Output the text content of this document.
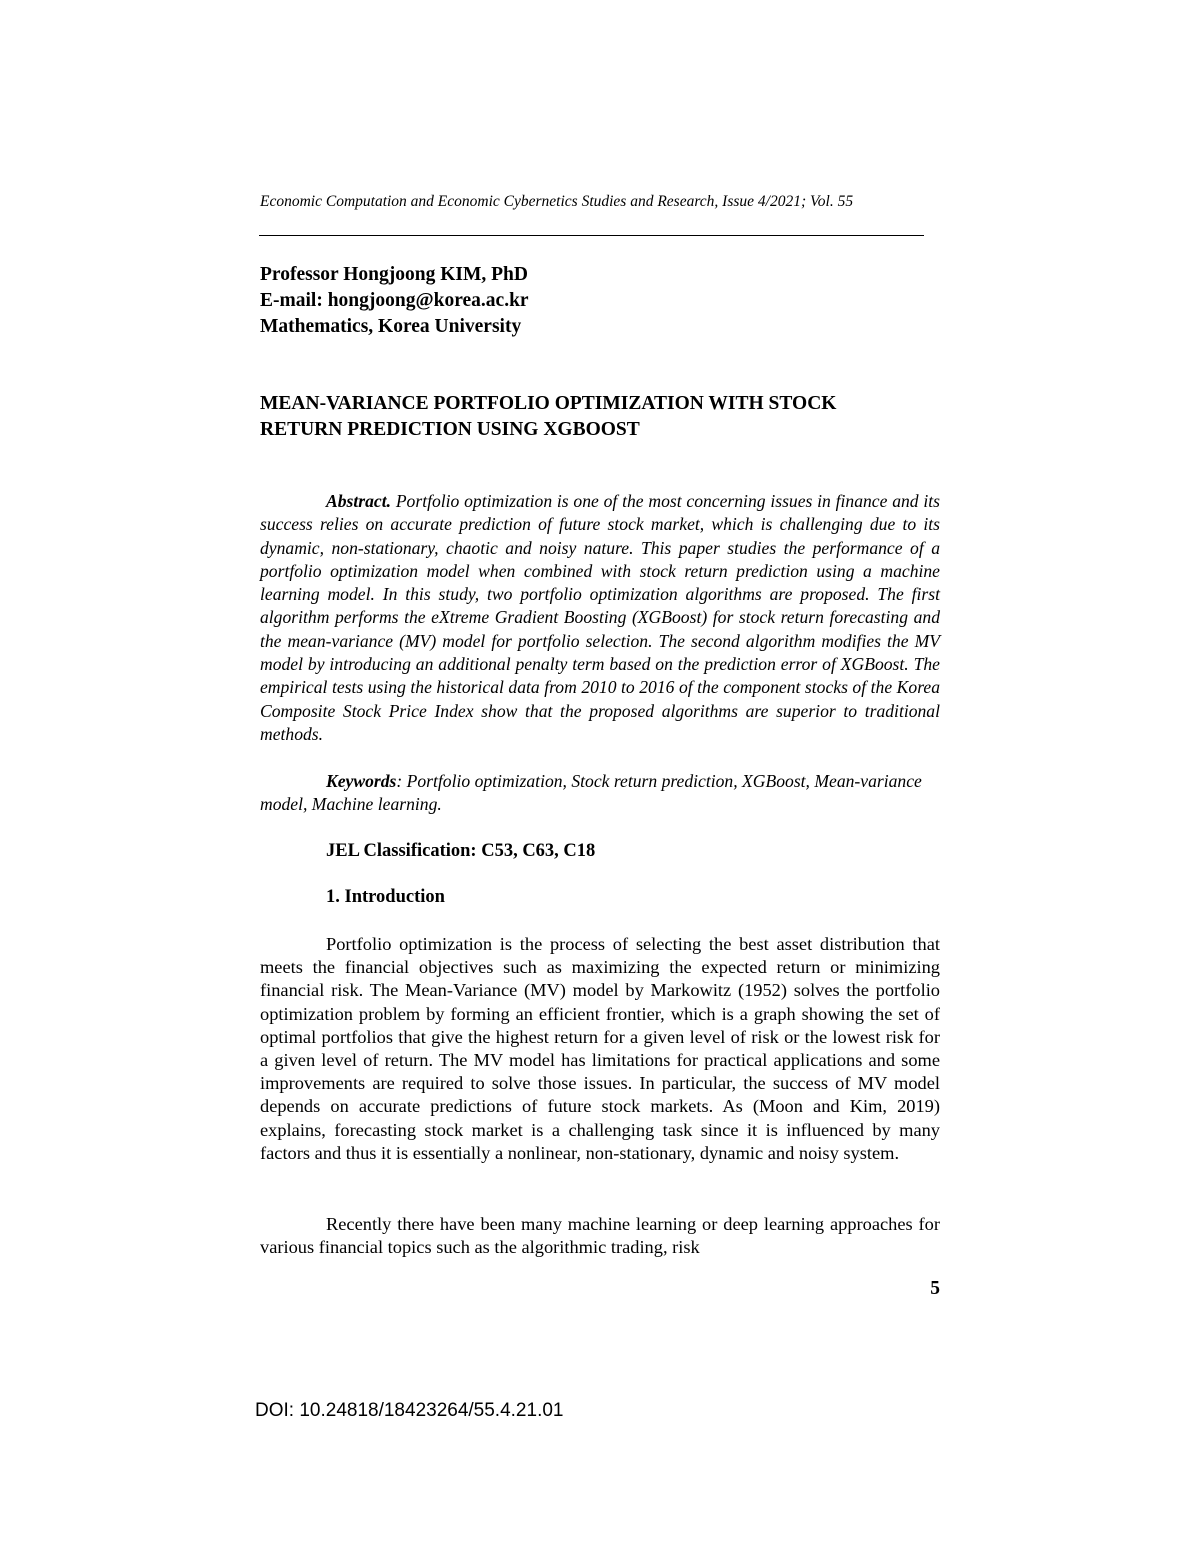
Economic Computation and Economic Cybernetics Studies and Research, Issue 4/2021; Vol. 55
Professor Hongjoong KIM, PhD
E-mail: hongjoong@korea.ac.kr
Mathematics, Korea University
MEAN-VARIANCE PORTFOLIO OPTIMIZATION WITH STOCK
RETURN PREDICTION USING XGBOOST

Abstract. Portfolio optimization is one of the most concerning issues in finance and its success relies on accurate prediction of future stock market, which is challenging due to its dynamic, non-stationary, chaotic and noisy nature. This paper studies the performance of a portfolio optimization model when combined with stock return prediction using a machine learning model. In this study, two portfolio optimization algorithms are proposed. The first algorithm performs the eXtreme Gradient Boosting (XGBoost) for stock return forecasting and the mean-variance (MV) model for portfolio selection. The second algorithm modifies the MV model by introducing an additional penalty term based on the prediction error of XGBoost. The empirical tests using the historical data from 2010 to 2016 of the component stocks of the Korea Composite Stock Price Index show that the proposed algorithms are superior to traditional methods.

Keywords: Portfolio optimization, Stock return prediction, XGBoost, Mean-variance model, Machine learning.

JEL Classification: C53, C63, C18
1. Introduction

Portfolio optimization is the process of selecting the best asset distribution that meets the financial objectives such as maximizing the expected return or minimizing financial risk. The Mean-Variance (MV) model by Markowitz (1952) solves the portfolio optimization problem by forming an efficient frontier, which is a graph showing the set of optimal portfolios that give the highest return for a given level of risk or the lowest risk for a given level of return. The MV model has limitations for practical applications and some improvements are required to solve those issues. In particular, the success of MV model depends on accurate predictions of future stock markets. As (Moon and Kim, 2019) explains, forecasting stock market is a challenging task since it is influenced by many factors and thus it is essentially a nonlinear, non-stationary, dynamic and noisy system.

Recently there have been many machine learning or deep learning approaches for various financial topics such as the algorithmic trading, risk

5
DOI: 10.24818/18423264/55.4.21.01
